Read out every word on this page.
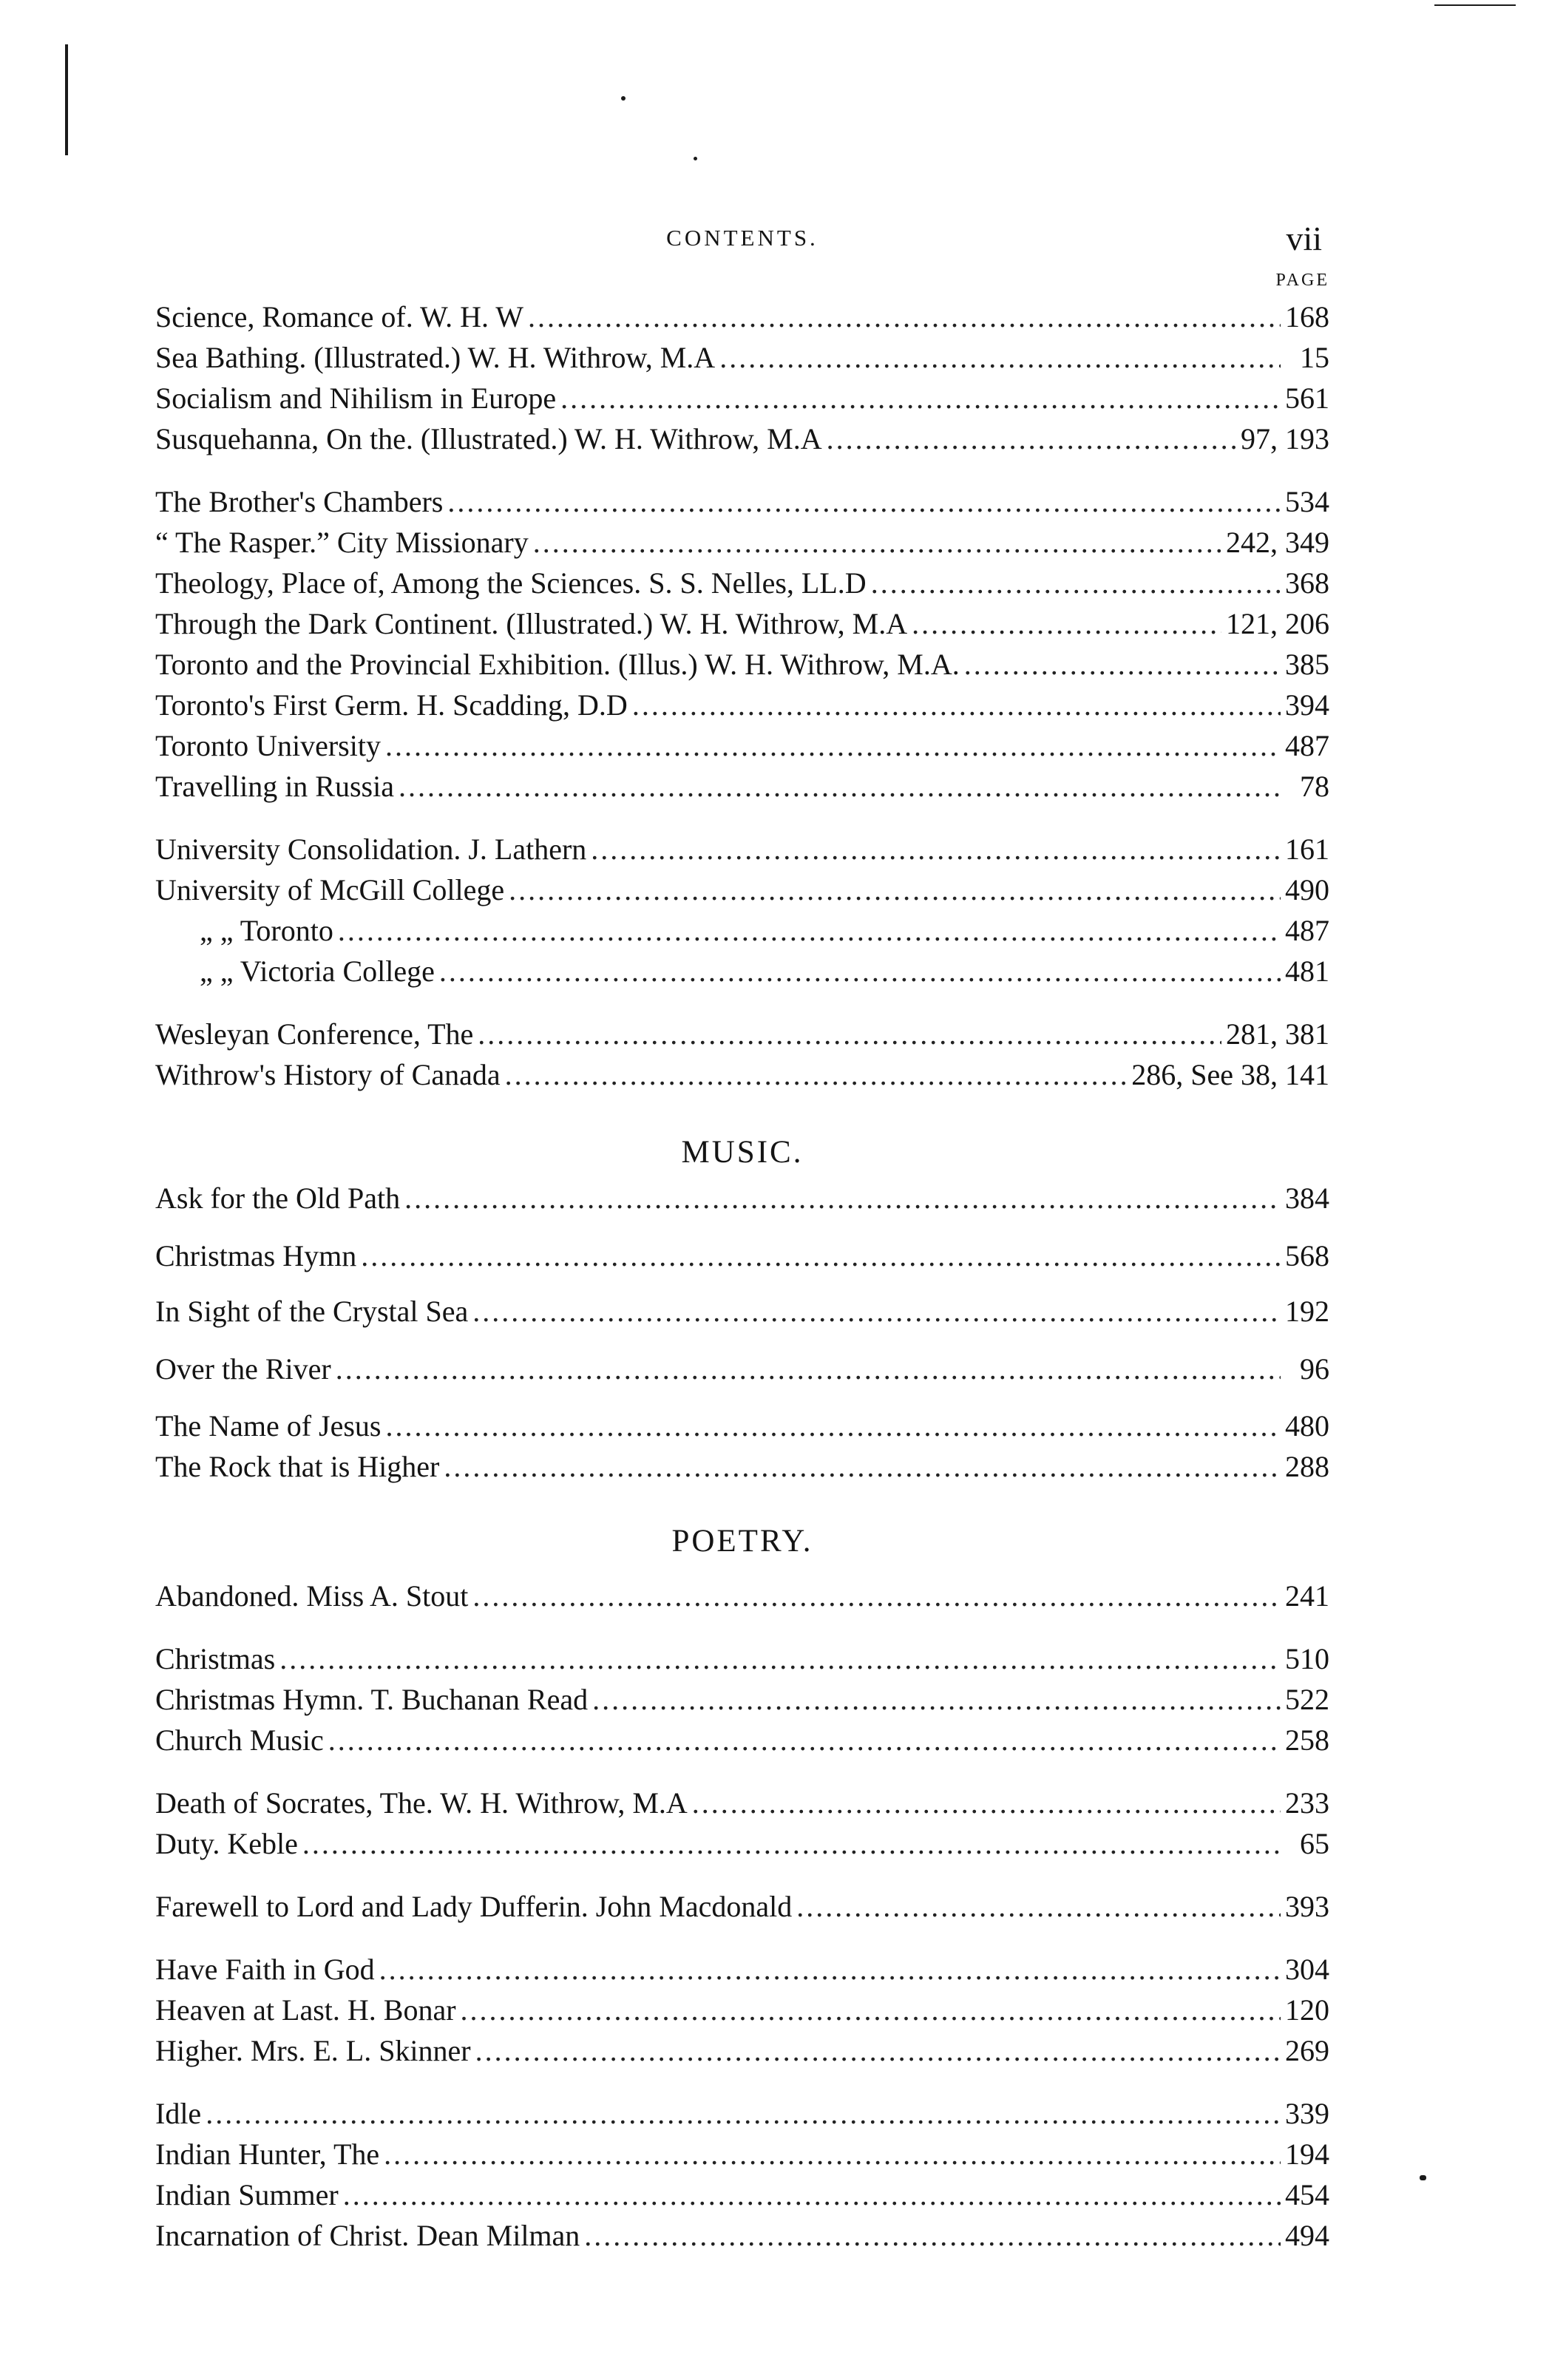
CONTENTS.	vii
PAGE
MUSIC.
POETRY.
Science, Romance of. W. H. W .....	168
Sea Bathing. (Illustrated.) W. H. Withrow, M.A .....	15
Socialism and Nihilism in Europe .....	561
Susquehanna, On the. (Illustrated.) W. H. Withrow, M.A .....	97, 193
The Brother's Chambers .....	534
“ The Rasper.” City Missionary .....	242, 349
Theology, Place of, Among the Sciences. S. S. Nelles, LL.D .....	368
Through the Dark Continent. (Illustrated.) W. H. Withrow, M.A .....	121, 206
Toronto and the Provincial Exhibition. (Illus.) W. H. Withrow, M.A. .....	385
Toronto's First Germ. H. Scadding, D.D .....	394
Toronto University .....	487
Travelling in Russia .....	78
University Consolidation. J. Lathern .....	161
University of McGill College .....	490
„ „ Toronto .....	487
„ „ Victoria College .....	481
Wesleyan Conference, The .....	281, 381
Withrow's History of Canada .....	286, See 38, 141
Ask for the Old Path .....	384
Christmas Hymn .....	568
In Sight of the Crystal Sea .....	192
Over the River .....	96
The Name of Jesus .....	480
The Rock that is Higher .....	288
Abandoned. Miss A. Stout .....	241
Christmas .....	510
Christmas Hymn. T. Buchanan Read .....	522
Church Music .....	258
Death of Socrates, The. W. H. Withrow, M.A .....	233
Duty. Keble .....	65
Farewell to Lord and Lady Dufferin. John Macdonald .....	393
Have Faith in God .....	304
Heaven at Last. H. Bonar .....	120
Higher. Mrs. E. L. Skinner .....	269
Idle .....	339
Indian Hunter, The .....	194
Indian Summer .....	454
Incarnation of Christ. Dean Milman .....	494
